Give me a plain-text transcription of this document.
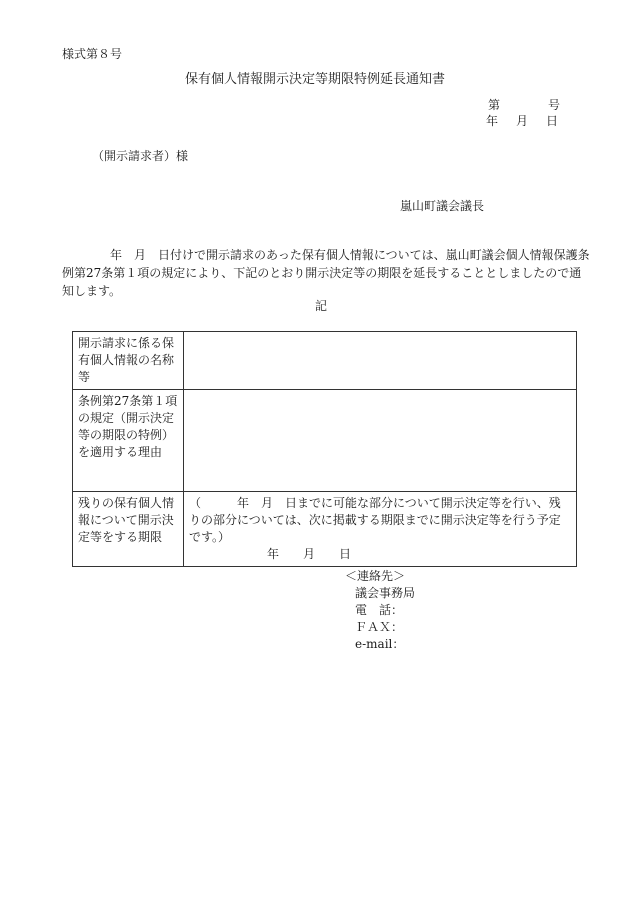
様式第８号
保有個人情報開示決定等期限特例延長通知書
第	号
年 月 日
（開示請求者）様
嵐山町議会議長
年　月　日付けで開示請求のあった保有個人情報については、嵐山町議会個人情報保護条例第27条第１項の規定により、下記のとおり開示決定等の期限を延長することとしましたので通知します。
記
開示請求に係る保有個人情報の名称等	
条例第27条第１項の規定（開示決定等の期限の特例）を適用する理由	
残りの保有個人情報について開示決定等をする期限	（　　　年　月　日までに可能な部分について開示決定等を行い、残りの部分については、次に掲載する期限までに開示決定等を行う予定です。）
年　　月　　日
＜連絡先＞
議会事務局
電　話：
ＦＡＸ：
e-mail：
